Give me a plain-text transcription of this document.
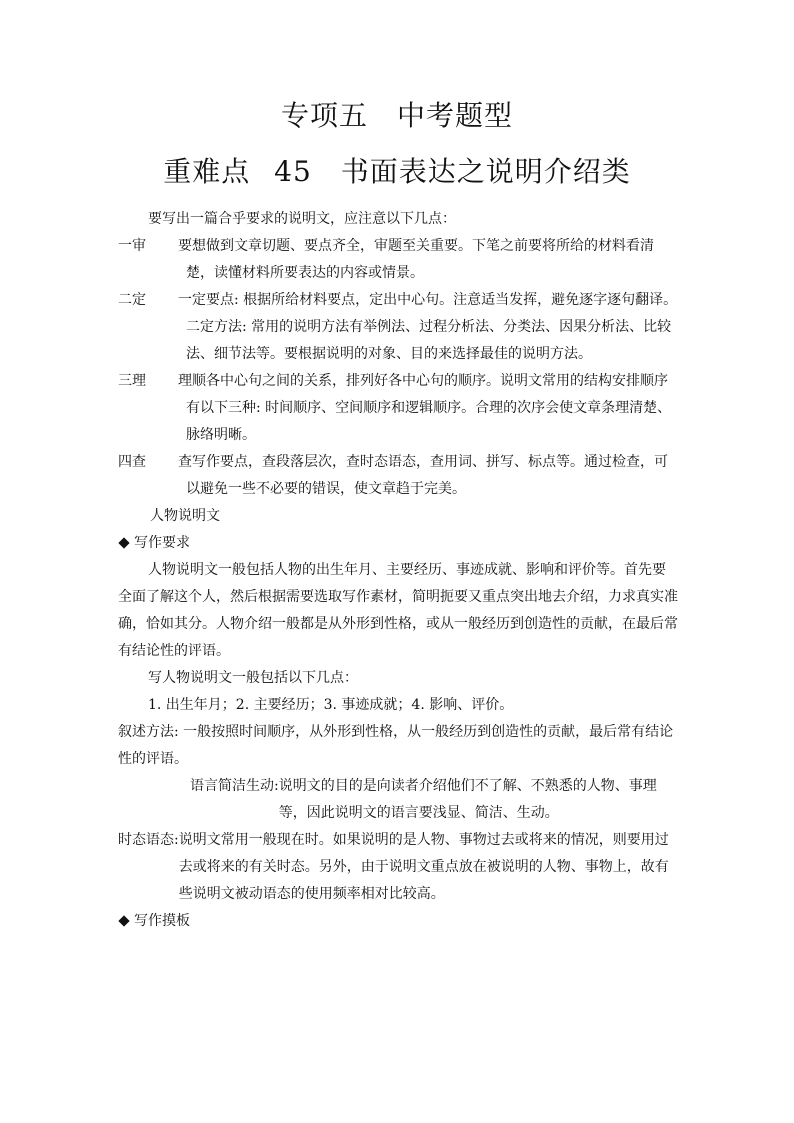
专项五　中考题型
重难点 45　书面表达之说明介绍类

要写出一篇合乎要求的说明文，应注意以下几点：

一审	要想做到文章切题、要点齐全，审题至关重要。下笔之前要将所给的材料看清楚，读懂材料所要表达的内容或情景。
二定	一定要点: 根据所给材料要点，定出中心句。注意适当发挥，避免逐字逐句翻译。二定方法: 常用的说明方法有举例法、过程分析法、分类法、因果分析法、比较法、细节法等。要根据说明的对象、目的来选择最佳的说明方法。
三理	理顺各中心句之间的关系，排列好各中心句的顺序。说明文常用的结构安排顺序有以下三种: 时间顺序、空间顺序和逻辑顺序。合理的次序会使文章条理清楚、脉络明晰。
四查	查写作要点，查段落层次，查时态语态，查用词、拼写、标点等。通过检查，可以避免一些不必要的错误，使文章趋于完美。

人物说明文

写作要求

人物说明文一般包括人物的出生年月、主要经历、事迹成就、影响和评价等。首先要全面了解这个人，然后根据需要选取写作素材，简明扼要又重点突出地去介绍，力求真实准确，恰如其分。人物介绍一般都是从外形到性格，或从一般经历到创造性的贡献，在最后常有结论性的评语。

写人物说明文一般包括以下几点：

1. 出生年月；2. 主要经历；3. 事迹成就；4. 影响、评价。

叙述方法: 一般按照时间顺序，从外形到性格，从一般经历到创造性的贡献，最后常有结论性的评语。

语言简洁生动: 说明文的目的是向读者介绍他们不了解、不熟悉的人物、事理等，因此说明文的语言要浅显、简洁、生动。
时态语态: 说明文常用一般现在时。如果说明的是人物、事物过去或将来的情况，则要用过去或将来的有关时态。另外，由于说明文重点放在被说明的人物、事物上，故有些说明文被动语态的使用频率相对比较高。

写作摸板
